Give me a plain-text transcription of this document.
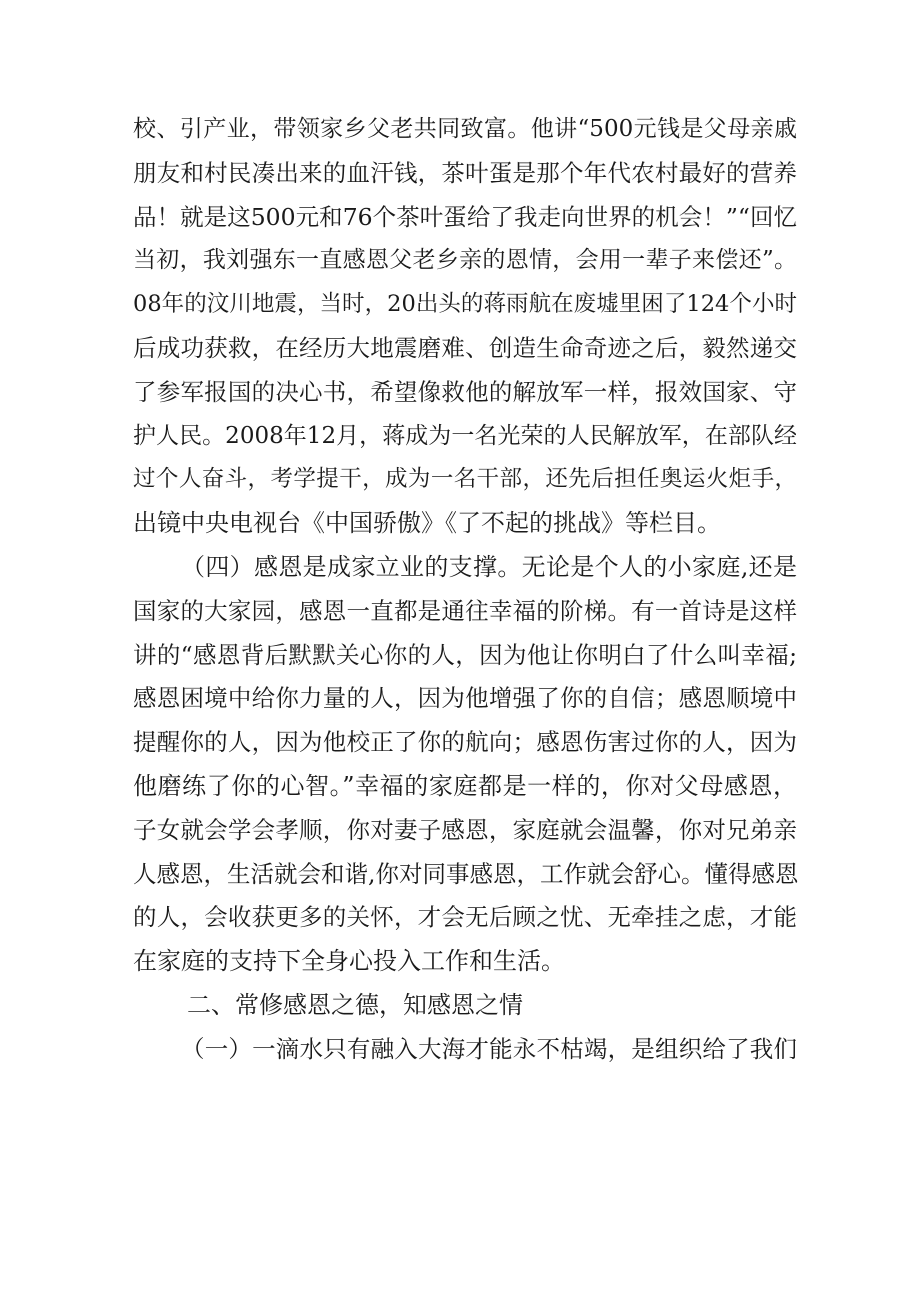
校、引产业，带领家乡父老共同致富。他讲“500元钱是父母亲戚
朋友和村民凑出来的血汗钱，茶叶蛋是那个年代农村最好的营养
品！就是这500元和76个茶叶蛋给了我走向世界的机会！”“回忆
当初，我刘强东一直感恩父老乡亲的恩情，会用一辈子来偿还”。
08年的汶川地震，当时，20出头的蒋雨航在废墟里困了124个小时
后成功获救，在经历大地震磨难、创造生命奇迹之后，毅然递交
了参军报国的决心书，希望像救他的解放军一样，报效国家、守
护人民。2008年12月，蒋成为一名光荣的人民解放军，在部队经
过个人奋斗，考学提干，成为一名干部，还先后担任奥运火炬手，
出镜中央电视台《中国骄傲》《了不起的挑战》等栏目。
（四）感恩是成家立业的支撑。无论是个人的小家庭,还是
国家的大家园，感恩一直都是通往幸福的阶梯。有一首诗是这样
讲的“感恩背后默默关心你的人，因为他让你明白了什么叫幸福;
感恩困境中给你力量的人，因为他增强了你的自信；感恩顺境中
提醒你的人，因为他校正了你的航向；感恩伤害过你的人，因为
他磨练了你的心智。”幸福的家庭都是一样的，你对父母感恩，
子女就会学会孝顺，你对妻子感恩，家庭就会温馨，你对兄弟亲
人感恩，生活就会和谐,你对同事感恩，工作就会舒心。懂得感恩
的人，会收获更多的关怀，才会无后顾之忧、无牵挂之虑，才能
在家庭的支持下全身心投入工作和生活。
二、常修感恩之德，知感恩之情
（一）一滴水只有融入大海才能永不枯竭，是组织给了我们
